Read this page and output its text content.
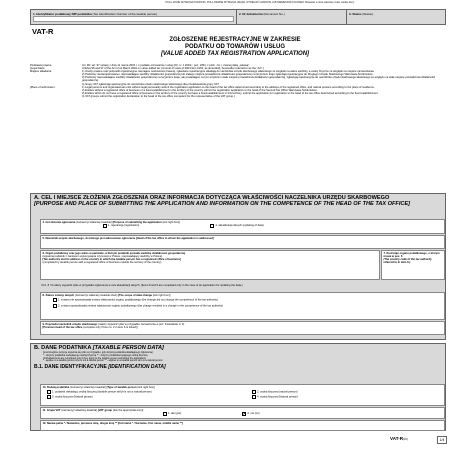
POLA JASNE WYPEŁNIA PODATNIK, POLA CIEMNE WYPEŁNIA URZĄD. WYPEŁNIĆ CZARNYM LUB NIEBIESKIM KOLOREM. Wstawiać w okna właściwe znaki, wielkie litery.
1. Identyfikator podatkowy NIP podatnika (Tax Identification Number of the taxable person)	2. Nr dokumentu (Document No.)	3. Status (Status)
VAT-R
ZGŁOSZENIE REJESTRACYJNE W ZAKRESIE
PODATKU OD TOWARÓW I USŁUG
[VALUE ADDED TAX REGISTRATION APPLICATION]
Podstawa prawna	Art. 96 i art. 97 ustawy z dnia 11 marca 2004 r. o podatku od towarów i usług (Dz. U. z 2004 r. poz. 1054, z późn. zm.), zwanej dalej „ustawą”.
[Legal basis:	Articles 96 and 97 of the Act of 11 March 2004 on value added tax (Journal of Laws of 2004 item 1054, as amended), hereinafter referred to as the “Act”.]
Miejsce składania	1) Osoby prawne oraz jednostki organizacyjne niemające osobowości prawnej, zgłaszane rejestracyjnie składają do naczelnika urzędu skarbowego właściwego ze względu na adres siedziby, a osoby fizyczne ze względu na miejsce zamieszkania.
2) Podmioty niezarejestrowane i nieposiadające siedziby działalności gospodarczej lub stałego miejsca prowadzenia działalności gospodarczej na terytorium kraju zgłaszają rejestracyjnie do Drugiego Urzędu Skarbowego Warszawa-Śródmieście.
3) Podmioty nieposiadające siedziby działalności gospodarczej na terytorium kraju, ale posiadające na tym terytorium stałe miejsce prowadzenia działalności gospodarczej, zgłaszają rejestracyjnie do naczelnika urzędu skarbowego właściwego ze względu na stałe miejsce prowadzenia działalności gospodarczej.
4) Grupy VAT zgłaszają rejestracyjnie do naczelnika urzędu skarbowego właściwego dla przedstawiciela grupy VAT.
[Place of submission:	1) Legal persons and organisational units without legal personality submit the registration application to the head of the tax office determined according to the address of the registered office, and natural persons according to the place of residence.
2) Entities without a registered office of business or a fixed establishment in the territory of the country submit the registration application to the head of the Second Tax Office Warszawa-Śródmieście.
3) Entities which do not have a registered office of business in the territory of the country but have a fixed establishment in this territory, submit the application for registration to the head of the tax office determined according to the fixed establishment.
4) VAT groups submit the registration declaration to the head of the tax office competent for the representative of the VAT group.]
A. CEL I MIEJSCE ZŁOŻENIA ZGŁOSZENIA ORAZ INFORMACJA DOTYCZĄCA WŁAŚCIWOŚCI NACZELNIKA URZĘDU SKARBOWEGO
[PURPOSE AND PLACE OF SUBMITTING THE APPLICATION AND INFORMATION ON THE COMPETENCE OF THE HEAD OF THE TAX OFFICE]
4. Cel złożenia zgłoszenia (zaznaczyć właściwy kwadrat) [Purpose of submitting the application (tick right box)]
1. rejestracja (registration)	2. aktualizacja danych (updating of data)
5. Naczelnik urzędu skarbowego, do którego jest adresowane zgłoszenie [Head of the tax office to whom the application is addressed]
6. Organ podatkowy oraz jego adres w państwie, w którym podatnik posiada siedzibę działalności gospodarczej
(wypełnia podatnik z zamiarem wykonywania czynności w Polsce, nieposiadający siedziby w Polsce)
[Tax authority and its address in the country in which the taxable person has a registered office of business]
(completed by taxable person with a registered office of business outside the territory of the country)
7. Kod kraju organu podatkowego, o którym mowa w poz. 6
(The country code of the tax authority referred to in item 6.)
Poz. 8 i 9 należy wypełnić tylko w przypadku zgłoszenia w celu aktualizacji danych. [Items 8 and 9 are completed only in the case of an application for updating the data.]
8. Zakres zmiany danych (zaznaczyć właściwy kwadrat obok) [The scope of data change (tick right box)]

1. zmiana nie spowodowała zmiany właściwości organu podatkowego (the change did not change the competence of the tax authority)
2. zmiana spowodowała zmianę właściwości organu podatkowego (the change resulted in a change in the competence of the tax authority)
9. Poprzedni naczelnik urzędu skarbowego (należy wypełnić tylko w przypadku zaznaczenia w poz. 8 kwadratu nr 2)
[Previous head of the tax office (complete only if box no. 2 in item 8 is ticked)]
B. DANE PODATNIKA [TAXABLE PERSON DATA]
(poszczególne pozycje wypełnia się tylko w przypadku, gdy dotyczą podatnika składającego zgłoszenie)
* - dotyczy podatnika niebędącego osobą fizyczną ** - dotyczy podatnika będącego osobą fizyczną
(Individual items are completed only if they apply to the taxable person submitting the application)
* - applies to a taxable person who is not a natural person ** - applies to a taxable person who is a natural person
B.1. DANE IDENTYFIKACYJNE [IDENTIFICATION DATA]
10. Rodzaj podatnika (zaznaczyć właściwy kwadrat) [Type of taxable person (tick right box)]

1. podatnik niebędący osobą fizyczną (taxable person which is not a natural person)	2. osoba fizyczna (natural person)
3. osoba fizyczna (Natural person)	4. osoba fizyczna (Natural person)
11. Grupa VAT (zaznaczyć właściwy kwadrat) [VAT group (tick the appropriate box)]
1. tak (yes) ✕	2. nie (no)
12. Nazwa pełna * / Nazwisko, pierwsze imię, drugie imię ** [Full name * / Surname, first name, middle name **]
VAT-R(16)	1/4
